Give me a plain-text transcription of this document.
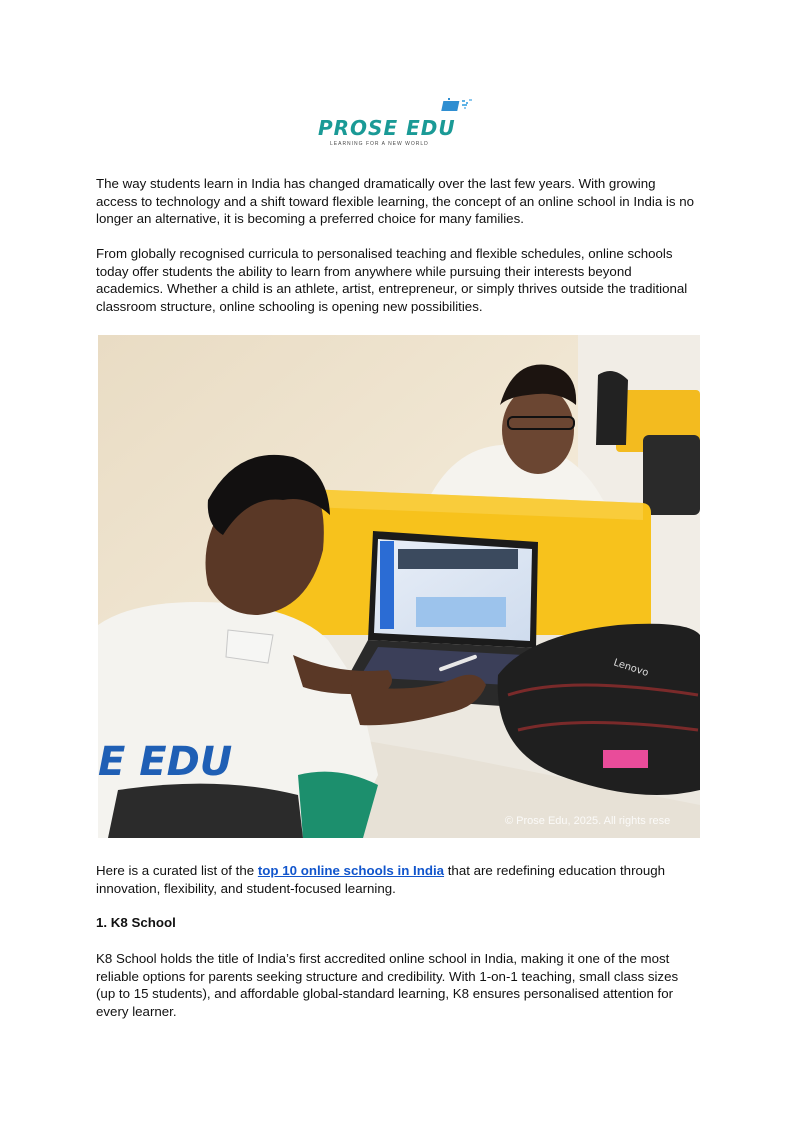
PROSE EDU
LEARNING FOR A NEW WORLD

The way students learn in India has changed dramatically over the last few years. With growing access to technology and a shift toward flexible learning, the concept of an online school in India is no longer an alternative, it is becoming a preferred choice for many families.

From globally recognised curricula to personalised teaching and flexible schedules, online schools today offer students the ability to learn from anywhere while pursuing their interests beyond academics. Whether a child is an athlete, artist, entrepreneur, or simply thrives outside the traditional classroom structure, online schooling is opening new possibilities.

Lenovo
E EDU
© Prose Edu, 2025. All rights rese

Here is a curated list of the top 10 online schools in India that are redefining education through innovation, flexibility, and student-focused learning.

1. K8 School

K8 School holds the title of India’s first accredited online school in India, making it one of the most reliable options for parents seeking structure and credibility. With 1-on-1 teaching, small class sizes (up to 15 students), and affordable global-standard learning, K8 ensures personalised attention for every learner.
